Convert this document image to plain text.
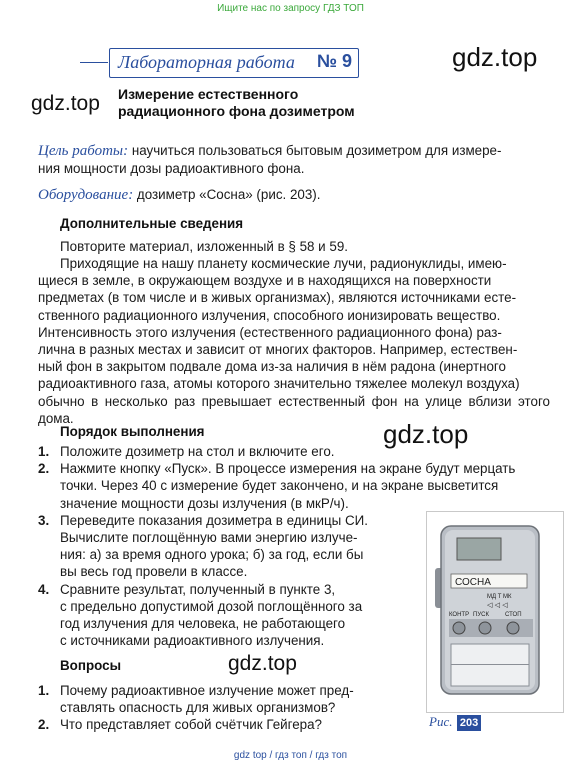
Ищите нас по запросу ГДЗ ТОП
Лабораторная работа № 9	gdz.top
gdz.top Измерение естественного
радиационного фона дозиметром
Цель работы: научиться пользоваться бытовым дозиметром для измере-
ния мощности дозы радиоактивного фона.
Оборудование: дозиметр «Сосна» (рис. 203).
Дополнительные сведения
Повторите материал, изложенный в § 58 и 59.
Приходящие на нашу планету космические лучи, радионуклиды, имею-
щиеся в земле, в окружающем воздухе и в находящихся на поверхности
предметах (в том числе и в живых организмах), являются источниками есте-
ственного радиационного излучения, способного ионизировать вещество.
Интенсивность этого излучения (естественного радиационного фона) раз-
лична в разных местах и зависит от многих факторов. Например, естествен-
ный фон в закрытом подвале дома из-за наличия в нём радона (инертного
радиоактивного газа, атомы которого значительно тяжелее молекул воздуха)
обычно в несколько раз превышает естественный фон на улице вблизи этого дома.
Порядок выполнения	gdz.top
1. Положите дозиметр на стол и включите его.
2. Нажмите кнопку «Пуск». В процессе измерения на экране будут мерцать
точки. Через 40 с измерение будет закончено, и на экране высветится
значение мощности дозы излучения (в мкР/ч).
3. Переведите показания дозиметра в единицы СИ.
Вычислите поглощённую вами энергию излуче-
ния: а) за время одного урока; б) за год, если бы
вы весь год провели в классе.
4. Сравните результат, полученный в пункте 3,
с предельно допустимой дозой поглощённого за
год излучения для человека, не работающего
с источниками радиоактивного излучения.
Вопросы	gdz.top
1. Почему радиоактивное излучение может пред-
ставлять опасность для живых организмов?
2. Что представляет собой счётчик Гейгера?
СОСНА
МД Т МК
◁ ◁ ◁
КОНТР ПУСК	СТОП
Рис. 203
gdz top / гдз топ / гдз топ
